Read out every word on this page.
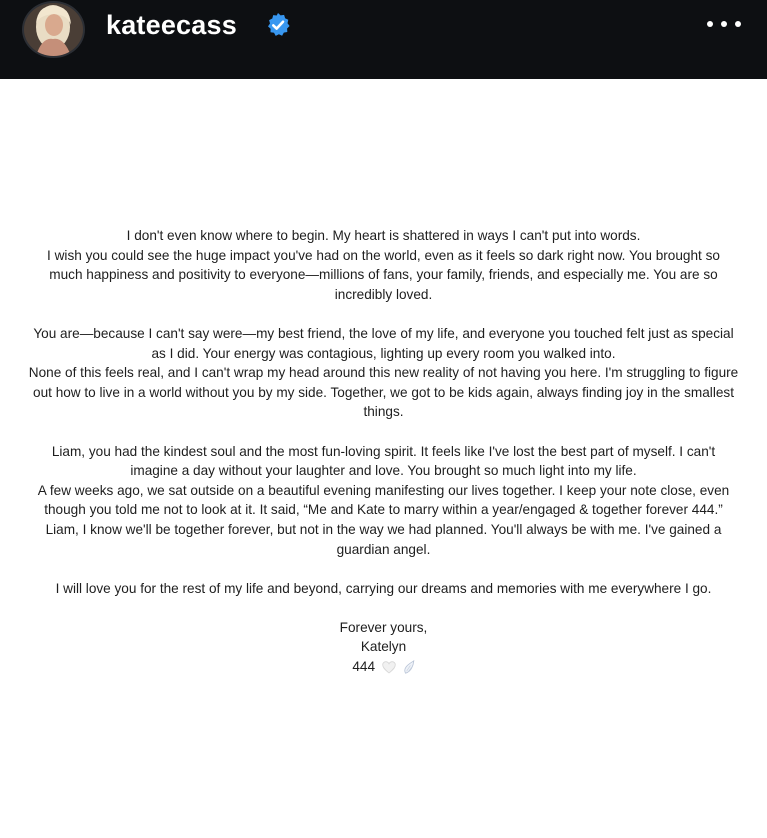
kateecass
I don't even know where to begin. My heart is shattered in ways I can't put into words.
I wish you could see the huge impact you've had on the world, even as it feels so dark right now. You brought so
much happiness and positivity to everyone—millions of fans, your family, friends, and especially me. You are so
incredibly loved.
You are—because I can't say were—my best friend, the love of my life, and everyone you touched felt just as special
as I did. Your energy was contagious, lighting up every room you walked into.
None of this feels real, and I can't wrap my head around this new reality of not having you here. I'm struggling to figure
out how to live in a world without you by my side. Together, we got to be kids again, always finding joy in the smallest
things.
Liam, you had the kindest soul and the most fun-loving spirit. It feels like I've lost the best part of myself. I can't
imagine a day without your laughter and love. You brought so much light into my life.
A few weeks ago, we sat outside on a beautiful evening manifesting our lives together. I keep your note close, even
though you told me not to look at it. It said, “Me and Kate to marry within a year/engaged & together forever 444.”
Liam, I know we'll be together forever, but not in the way we had planned. You'll always be with me. I've gained a
guardian angel.
I will love you for the rest of my life and beyond, carrying our dreams and memories with me everywhere I go.
Forever yours,
Katelyn
444
